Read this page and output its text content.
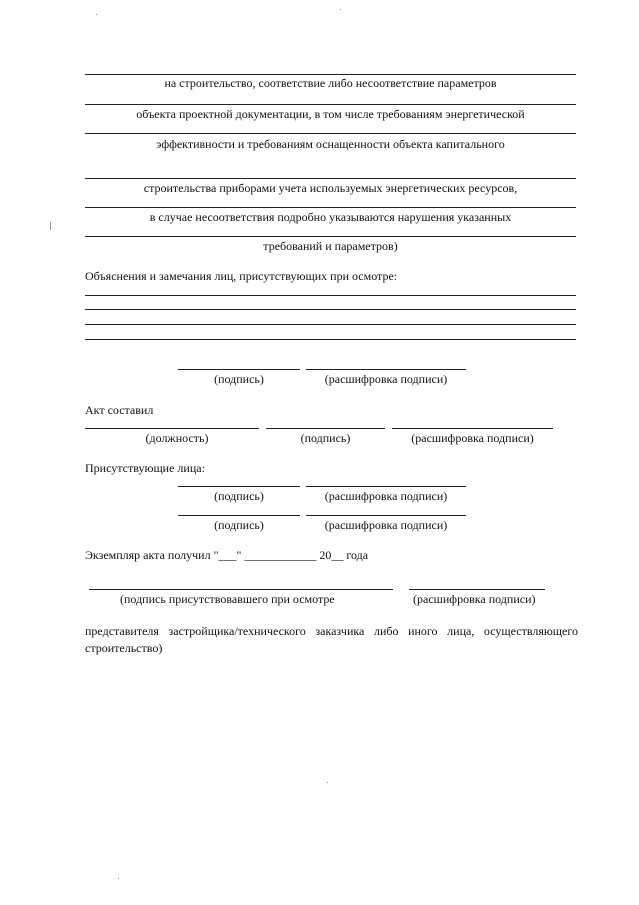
на строительство, соответствие либо несоответствие параметров
объекта проектной документации, в том числе требованиям энергетической
эффективности и требованиям оснащенности объекта капитального
строительства приборами учета используемых энергетических ресурсов,
в случае несоответствия подробно указываются нарушения указанных
требований и параметров)
Объяснения и замечания лиц, присутствующих при осмотре:
(подпись)	(расшифровка подписи)
Акт составил
(должность)	(подпись)	(расшифровка подписи)
Присутствующие лица:
(подпись)	(расшифровка подписи)
(подпись)	(расшифровка подписи)
Экземпляр акта получил "___" ____________ 20__ года
(подпись присутствовавшего при осмотре	(расшифровка подписи)
представителя застройщика/технического заказчика либо иного лица, осуществляющего строительство)
